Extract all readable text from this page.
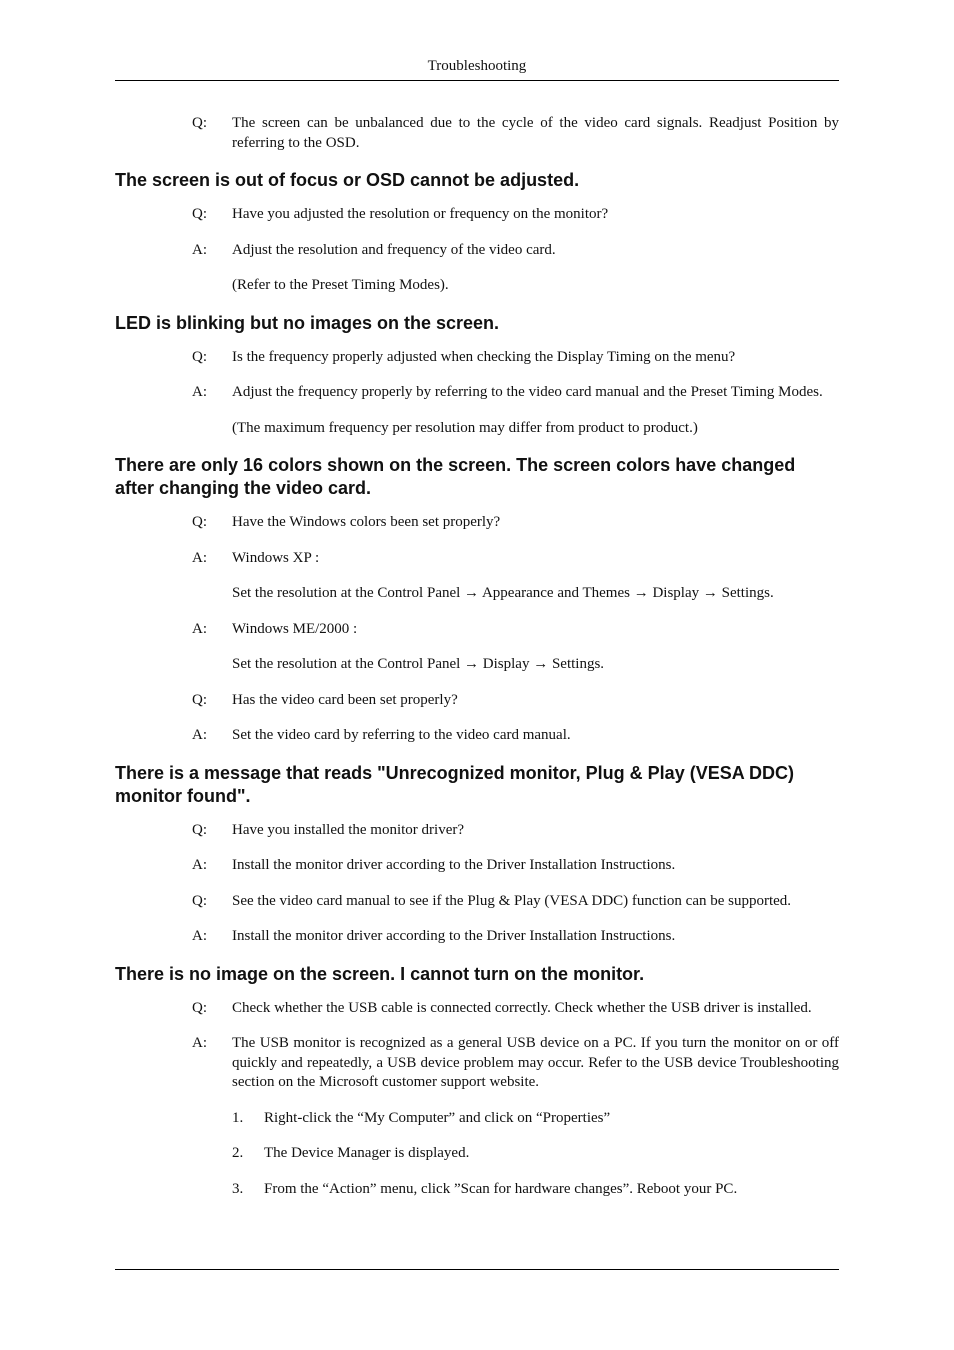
Troubleshooting
Q:	The screen can be unbalanced due to the cycle of the video card signals. Readjust Position by referring to the OSD.
The screen is out of focus or OSD cannot be adjusted.
Q:	Have you adjusted the resolution or frequency on the monitor?
A:	Adjust the resolution and frequency of the video card.
(Refer to the Preset Timing Modes).
LED is blinking but no images on the screen.
Q:	Is the frequency properly adjusted when checking the Display Timing on the menu?
A:	Adjust the frequency properly by referring to the video card manual and the Preset Timing Modes.
(The maximum frequency per resolution may differ from product to product.)
There are only 16 colors shown on the screen. The screen colors have changed after changing the video card.
Q:	Have the Windows colors been set properly?
A:	Windows XP :
Set the resolution at the Control Panel → Appearance and Themes → Display → Settings.
A:	Windows ME/2000 :
Set the resolution at the Control Panel → Display → Settings.
Q:	Has the video card been set properly?
A:	Set the video card by referring to the video card manual.
There is a message that reads "Unrecognized monitor, Plug & Play (VESA DDC) monitor found".
Q:	Have you installed the monitor driver?
A:	Install the monitor driver according to the Driver Installation Instructions.
Q:	See the video card manual to see if the Plug & Play (VESA DDC) function can be supported.
A:	Install the monitor driver according to the Driver Installation Instructions.
There is no image on the screen. I cannot turn on the monitor.
Q:	Check whether the USB cable is connected correctly. Check whether the USB driver is installed.
A:	The USB monitor is recognized as a general USB device on a PC. If you turn the monitor on or off quickly and repeatedly, a USB device problem may occur. Refer to the USB device Troubleshooting section on the Microsoft customer support website.
1.	Right-click the “My Computer” and click on “Properties”
2.	The Device Manager is displayed.
3.	From the “Action” menu, click ”Scan for hardware changes”. Reboot your PC.
